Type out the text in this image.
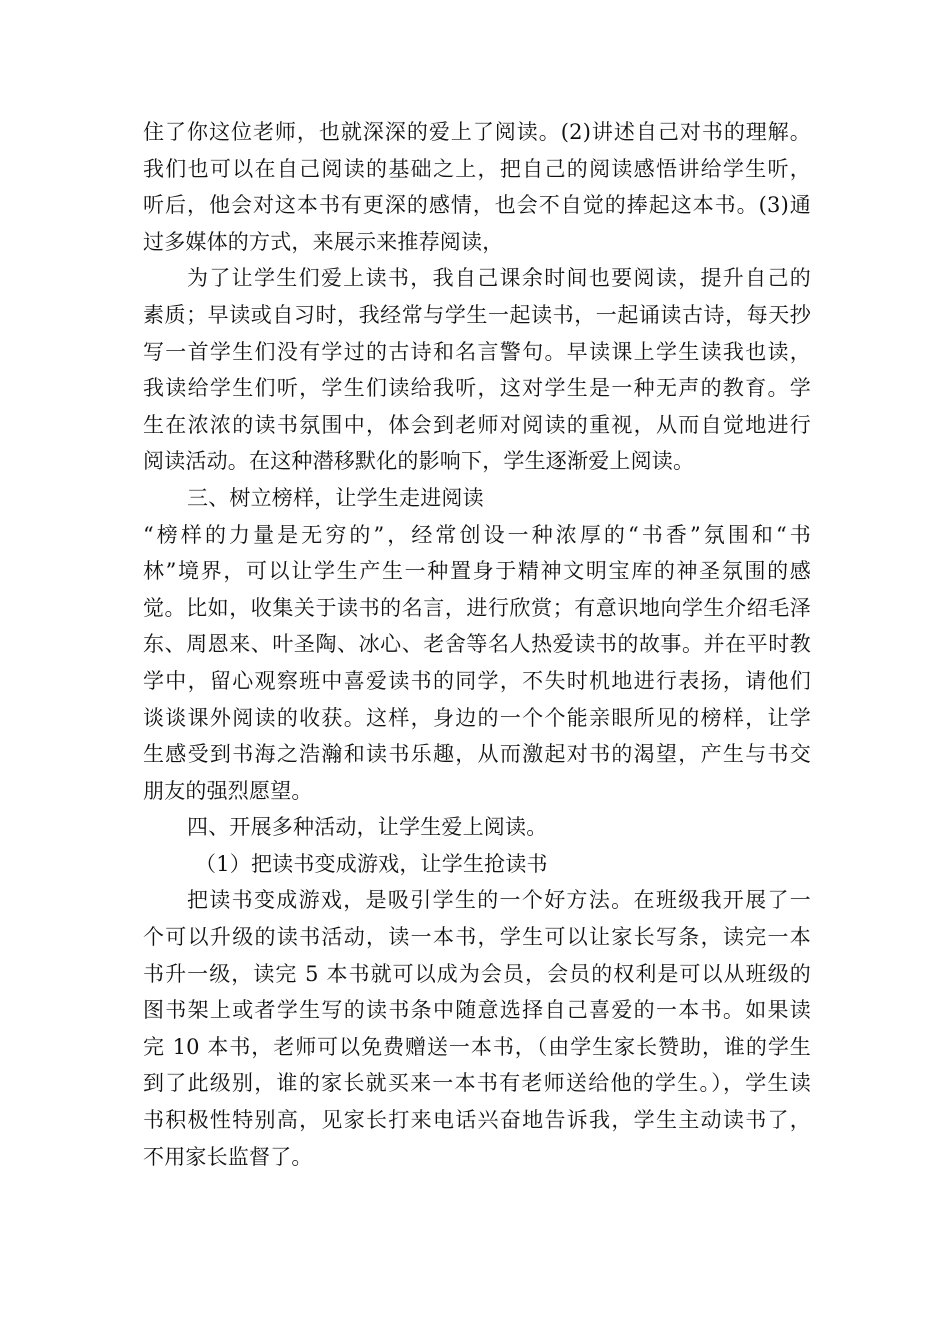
住了你这位老师，也就深深的爱上了阅读。(2)讲述自己对书的理解。
我们也可以在自己阅读的基础之上，把自己的阅读感悟讲给学生听，
听后，他会对这本书有更深的感情，也会不自觉的捧起这本书。(3)通
过多媒体的方式，来展示来推荐阅读，
为了让学生们爱上读书，我自己课余时间也要阅读，提升自己的
素质；早读或自习时，我经常与学生一起读书，一起诵读古诗，每天抄
写一首学生们没有学过的古诗和名言警句。早读课上学生读我也读，
我读给学生们听，学生们读给我听，这对学生是一种无声的教育。学
生在浓浓的读书氛围中，体会到老师对阅读的重视，从而自觉地进行
阅读活动。在这种潜移默化的影响下，学生逐渐爱上阅读。
三、树立榜样，让学生走进阅读
“榜样的力量是无穷的”，经常创设一种浓厚的“书香”氛围和“书
林”境界，可以让学生产生一种置身于精神文明宝库的神圣氛围的感
觉。比如，收集关于读书的名言，进行欣赏；有意识地向学生介绍毛泽
东、周恩来、叶圣陶、冰心、老舍等名人热爱读书的故事。并在平时教
学中，留心观察班中喜爱读书的同学，不失时机地进行表扬，请他们
谈谈课外阅读的收获。这样，身边的一个个能亲眼所见的榜样，让学
生感受到书海之浩瀚和读书乐趣，从而激起对书的渴望，产生与书交
朋友的强烈愿望。
四、开展多种活动，让学生爱上阅读。
（1）把读书变成游戏，让学生抢读书
把读书变成游戏，是吸引学生的一个好方法。在班级我开展了一
个可以升级的读书活动，读一本书，学生可以让家长写条，读完一本
书升一级，读完 5 本书就可以成为会员，会员的权利是可以从班级的
图书架上或者学生写的读书条中随意选择自己喜爱的一本书。如果读
完 10 本书，老师可以免费赠送一本书，（由学生家长赞助，谁的学生
到了此级别，谁的家长就买来一本书有老师送给他的学生。），学生读
书积极性特别高，见家长打来电话兴奋地告诉我，学生主动读书了，
不用家长监督了。
